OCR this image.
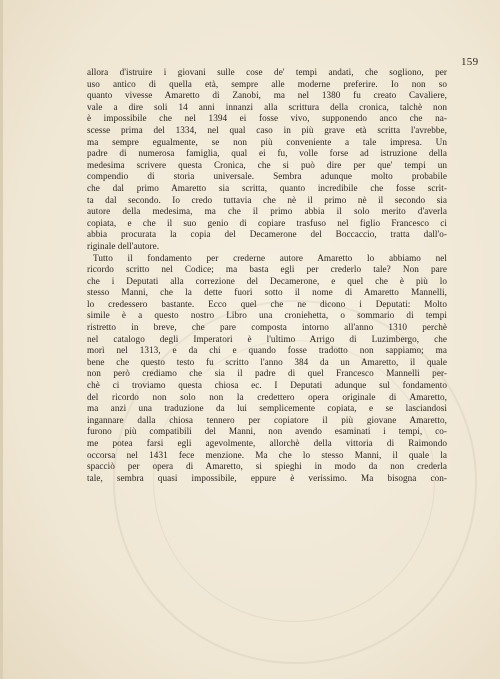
159
allora d'istruire i giovani sulle cose de' tempi andati, che sogliono, per
uso antico di quella età, sempre alle moderne preferire. Io non so
quanto vivesse Amaretto di Zanobi, ma nel 1380 fu creato Cavaliere,
vale a dire soli 14 anni innanzi alla scrittura della cronica, talchè non
è impossibile che nel 1394 ei fosse vivo, supponendo anco che na-
scesse prima del 1334, nel qual caso in più grave età scritta l'avrebbe,
ma sempre egualmente, se non più conveniente a tale impresa. Un
padre di numerosa famiglia, qual ei fu, volle forse ad istruzione della
medesima scrivere questa Cronica, che si può dire per que' tempi un
compendio di storia universale. Sembra adunque molto probabile
che dal primo Amaretto sia scritta, quanto incredibile che fosse scrit-
ta dal secondo. Io credo tuttavia che nè il primo nè il secondo sia
autore della medesima, ma che il primo abbia il solo merito d'averla
copiata, e che il suo genio di copiare trasfuso nel figlio Francesco ci
abbia procurata la copia del Decamerone del Boccaccio, tratta dall'o-
riginale dell'autore.
Tutto il fondamento per crederne autore Amaretto lo abbiamo nel
ricordo scritto nel Codice; ma basta egli per crederlo tale? Non pare
che i Deputati alla correzione del Decamerone, e quel che è più lo
stesso Manni, che la dette fuori sotto il nome di Amaretto Mannelli,
lo credessero bastante. Ecco quel che ne dicono i Deputati: Molto
simile è a questo nostro Libro una croniehetta, o sommario di tempi
ristretto in breve, che pare composta intorno all'anno 1310 perchè
nel catalogo degli Imperatori è l'ultimo Arrigo di Luzimbergo, che
morì nel 1313, e da chi e quando fosse tradotto non sappiamo; ma
bene che questo testo fu scritto l'anno 384 da un Amaretto, il quale
non però crediamo che sia il padre di quel Francesco Mannelli per-
chè ci troviamo questa chiosa ec. I Deputati adunque sul fondamento
del ricordo non solo non la credettero opera originale di Amaretto,
ma anzi una traduzione da lui semplicemente copiata, e se lasciandosi
ingannare dalla chiosa tennero per copiatore il più giovane Amaretto,
furono più compatibili del Manni, non avendo esaminati i tempi, co-
me potea farsi egli agevolmente, allorchè della vittoria di Raimondo
occorsa nel 1431 fece menzione. Ma che lo stesso Manni, il quale la
spacciò per opera di Amaretto, si spieghi in modo da non crederla
tale, sembra quasi impossibile, eppure è verissimo. Ma bisogna con-
